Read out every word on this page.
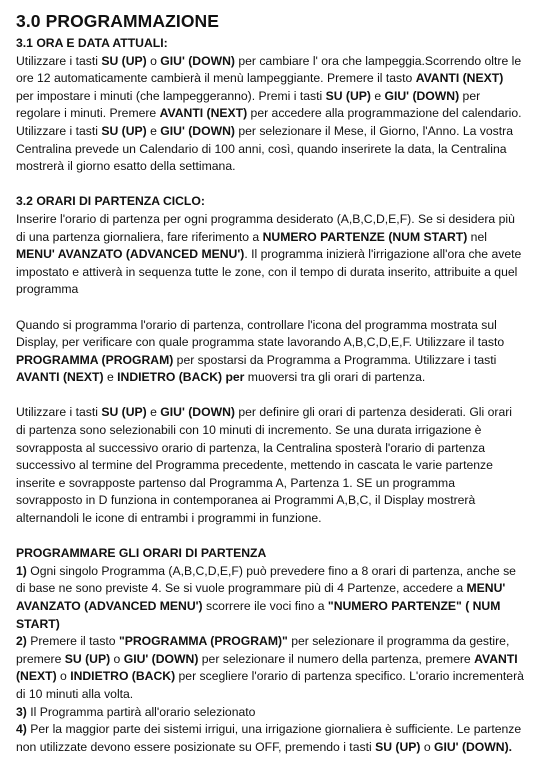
3.0 PROGRAMMAZIONE
3.1 ORA E DATA ATTUALI:

Utilizzare i tasti SU (UP) o GIU' (DOWN) per cambiare l' ora che lampeggia.Scorrendo oltre le ore 12 automaticamente cambierà il menù lampeggiante. Premere il tasto AVANTI (NEXT) per impostare i minuti (che lampeggeranno). Premi i tasti SU (UP) e GIU' (DOWN) per regolare i minuti. Premere AVANTI (NEXT) per accedere alla programmazione del calendario. Utilizzare i tasti SU (UP) e GIU' (DOWN) per selezionare il Mese, il Giorno, l'Anno. La vostra Centralina prevede un Calendario di 100 anni, così, quando inserirete la data, la Centralina mostrerà il giorno esatto della settimana.

3.2 ORARI DI PARTENZA CICLO:

Inserire l'orario di partenza per ogni programma desiderato (A,B,C,D,E,F). Se si desidera più di una partenza giornaliera, fare riferimento a NUMERO PARTENZE (NUM START) nel MENU' AVANZATO (ADVANCED MENU'). Il programma inizierà l'irrigazione all'ora che avete impostato e attiverà in sequenza tutte le zone, con il tempo di durata inserito, attribuite a quel programma

Quando si programma l'orario di partenza, controllare l'icona del programma mostrata sul Display, per verificare con quale programma state lavorando A,B,C,D,E,F. Utilizzare il tasto PROGRAMMA (PROGRAM) per spostarsi da Programma a Programma. Utilizzare i tasti AVANTI (NEXT) e INDIETRO (BACK) per muoversi tra gli orari di partenza.

Utilizzare i tasti SU (UP) e GIU' (DOWN) per definire gli orari di partenza desiderati. Gli orari di partenza sono selezionabili con 10 minuti di incremento. Se una durata irrigazione è sovrapposta al successivo orario di partenza, la Centralina sposterà l'orario di partenza successivo al termine del Programma precedente, mettendo in cascata le varie partenze inserite e sovrapposte partenso dal Programma A, Partenza 1. SE un programma sovrapposto in D funziona in contemporanea ai Programmi A,B,C, il Display mostrerà alternandoli le icone di entrambi i programmi in funzione.

PROGRAMMARE GLI ORARI DI PARTENZA

1) Ogni singolo Programma (A,B,C,D,E,F) può prevedere fino a 8 orari di partenza, anche se di base ne sono previste 4. Se si vuole programmare più di 4 Partenze, accedere a MENU' AVANZATO (ADVANCED MENU') scorrere ile voci fino a "NUMERO PARTENZE" ( NUM START)

2) Premere il tasto "PROGRAMMA (PROGRAM)" per selezionare il programma da gestire, premere SU (UP) o GIU' (DOWN) per selezionare il numero della partenza, premere AVANTI (NEXT) o INDIETRO (BACK) per scegliere l'orario di partenza specifico. L'orario incrementerà di 10 minuti alla volta.

3) Il Programma partirà all'orario selezionato

4) Per la maggior parte dei sistemi irrigui, una irrigazione giornaliera è sufficiente. Le partenze non utilizzate devono essere posizionate su OFF, premendo i tasti SU (UP) o GIU' (DOWN).
